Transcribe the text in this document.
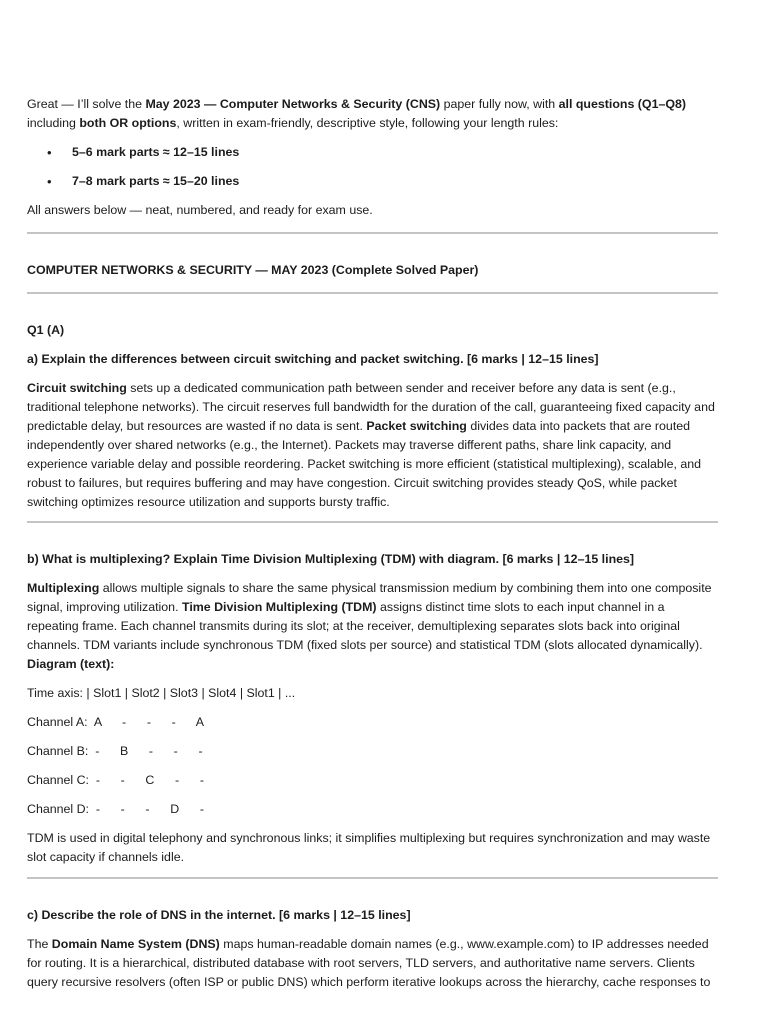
Great — I’ll solve the May 2023 — Computer Networks & Security (CNS) paper fully now, with all questions (Q1–Q8) including both OR options, written in exam-friendly, descriptive style, following your length rules:

• 5–6 mark parts ≈ 12–15 lines
• 7–8 mark parts ≈ 15–20 lines

All answers below — neat, numbered, and ready for exam use.

COMPUTER NETWORKS & SECURITY — MAY 2023 (Complete Solved Paper)

Q1 (A)

a) Explain the differences between circuit switching and packet switching. [6 marks | 12–15 lines]

Circuit switching sets up a dedicated communication path between sender and receiver before any data is sent (e.g., traditional telephone networks). The circuit reserves full bandwidth for the duration of the call, guaranteeing fixed capacity and predictable delay, but resources are wasted if no data is sent. Packet switching divides data into packets that are routed independently over shared networks (e.g., the Internet). Packets may traverse different paths, share link capacity, and experience variable delay and possible reordering. Packet switching is more efficient (statistical multiplexing), scalable, and robust to failures, but requires buffering and may have congestion. Circuit switching provides steady QoS, while packet switching optimizes resource utilization and supports bursty traffic.

b) What is multiplexing? Explain Time Division Multiplexing (TDM) with diagram. [6 marks | 12–15 lines]

Multiplexing allows multiple signals to share the same physical transmission medium by combining them into one composite signal, improving utilization. Time Division Multiplexing (TDM) assigns distinct time slots to each input channel in a repeating frame. Each channel transmits during its slot; at the receiver, demultiplexing separates slots back into original channels. TDM variants include synchronous TDM (fixed slots per source) and statistical TDM (slots allocated dynamically).
Diagram (text):

Time axis: | Slot1 | Slot2 | Slot3 | Slot4 | Slot1 | ...

Channel A:  A      -      -      -      A

Channel B:  -      B      -      -      -

Channel C:  -      -      C      -      -

Channel D:  -      -      -      D      -

TDM is used in digital telephony and synchronous links; it simplifies multiplexing but requires synchronization and may waste slot capacity if channels idle.

c) Describe the role of DNS in the internet. [6 marks | 12–15 lines]

The Domain Name System (DNS) maps human-readable domain names (e.g., www.example.com) to IP addresses needed for routing. It is a hierarchical, distributed database with root servers, TLD servers, and authoritative name servers. Clients query recursive resolvers (often ISP or public DNS) which perform iterative lookups across the hierarchy, cache responses to
